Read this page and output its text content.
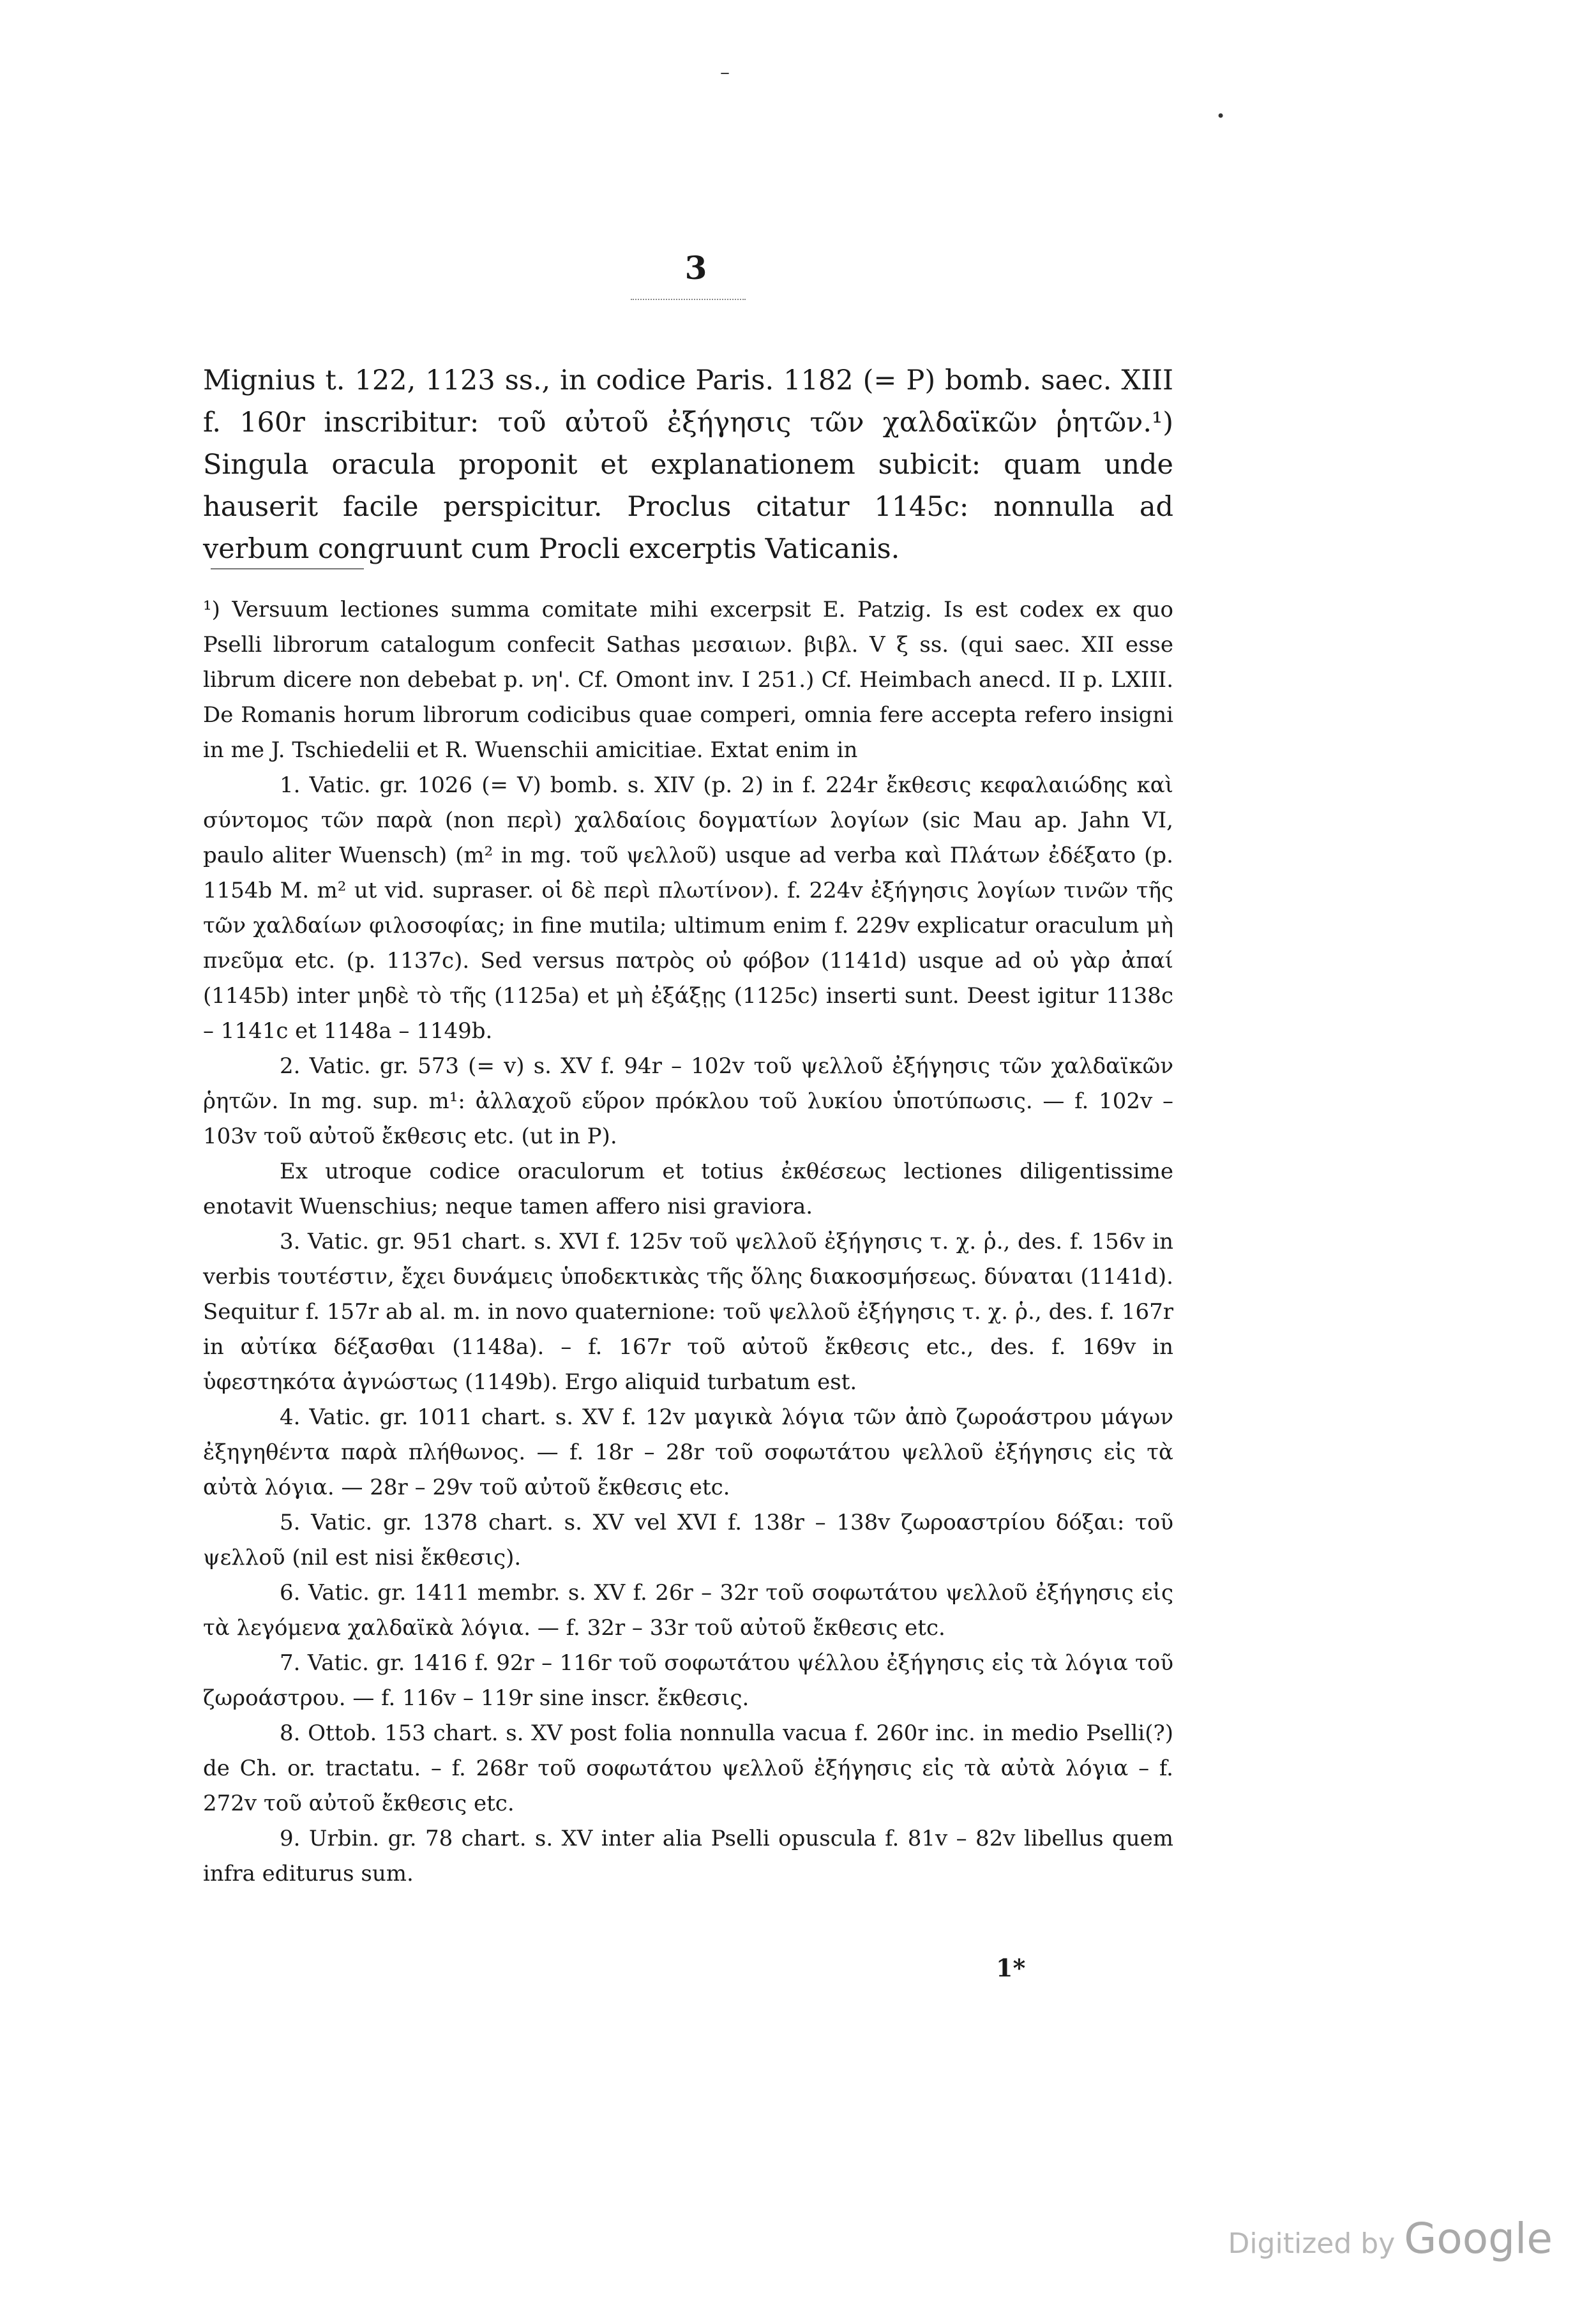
–
•
3

Mignius t. 122, 1123 ss., in codice Paris. 1182 (= P) bomb. saec. XIII f. 160r inscribitur: τοῦ αὐτοῦ ἐξήγησις τῶν χαλδαϊκῶν ῥητῶν.¹) Singula oracula proponit et explanationem subicit: quam unde hauserit facile perspicitur. Proclus citatur 1145c: nonnulla ad verbum congruunt cum Procli excerptis Vaticanis.

¹) Versuum lectiones summa comitate mihi excerpsit E. Patzig. Is est codex ex quo Pselli librorum catalogum confecit Sathas μεσαιων. βιβλ. V ξ ss. (qui saec. XII esse librum dicere non debebat p. νη'. Cf. Omont inv. I 251.) Cf. Heimbach anecd. II p. LXIII. De Romanis horum librorum codicibus quae comperi, omnia fere accepta refero insigni in me J. Tschiedelii et R. Wuenschii amicitiae. Extat enim in

1. Vatic. gr. 1026 (= V) bomb. s. XIV (p. 2) in f. 224r ἔκθεσις κεφαλαιώδης καὶ σύντομος τῶν παρὰ (non περὶ) χαλδαίοις δογματίων λογίων (sic Mau ap. Jahn VI, paulo aliter Wuensch) (m² in mg. τοῦ ψελλοῦ) usque ad verba καὶ Πλάτων ἐδέξατο (p. 1154b M. m² ut vid. supraser. οἱ δὲ περὶ πλωτίνον). f. 224v ἐξήγησις λογίων τινῶν τῆς τῶν χαλδαίων φιλοσοφίας; in fine mutila; ultimum enim f. 229v explicatur oraculum μὴ πνεῦμα etc. (p. 1137c). Sed versus πατρὸς οὐ φόβον (1141d) usque ad οὐ γὰρ ἀπαί (1145b) inter μηδὲ τὸ τῆς (1125a) et μὴ ἐξάξῃς (1125c) inserti sunt. Deest igitur 1138c – 1141c et 1148a – 1149b.

2. Vatic. gr. 573 (= v) s. XV f. 94r – 102v τοῦ ψελλοῦ ἐξήγησις τῶν χαλδαϊκῶν ῥητῶν. In mg. sup. m¹: ἀλλαχοῦ εὕρον πρόκλου τοῦ λυκίου ὑποτύπωσις. — f. 102v – 103v τοῦ αὐτοῦ ἔκθεσις etc. (ut in P).

Ex utroque codice oraculorum et totius ἐκθέσεως lectiones diligentissime enotavit Wuenschius; neque tamen affero nisi graviora.

3. Vatic. gr. 951 chart. s. XVI f. 125v τοῦ ψελλοῦ ἐξήγησις τ. χ. ῥ., des. f. 156v in verbis τουτέστιν, ἔχει δυνάμεις ὑποδεκτικὰς τῆς ὅλης διακοσμήσεως. δύναται (1141d). Sequitur f. 157r ab al. m. in novo quaternione: τοῦ ψελλοῦ ἐξήγησις τ. χ. ῥ., des. f. 167r in αὐτίκα δέξασθαι (1148a). – f. 167r τοῦ αὐτοῦ ἔκθεσις etc., des. f. 169v in ὑφεστηκότα ἀγνώστως (1149b). Ergo aliquid turbatum est.

4. Vatic. gr. 1011 chart. s. XV f. 12v μαγικὰ λόγια τῶν ἀπὸ ζωροάστρου μάγων ἐξηγηθέντα παρὰ πλήθωνος. — f. 18r – 28r τοῦ σοφωτάτου ψελλοῦ ἐξήγησις εἰς τὰ αὐτὰ λόγια. — 28r – 29v τοῦ αὐτοῦ ἔκθεσις etc.

5. Vatic. gr. 1378 chart. s. XV vel XVI f. 138r – 138v ζωροαστρίου δόξαι: τοῦ ψελλοῦ (nil est nisi ἔκθεσις).

6. Vatic. gr. 1411 membr. s. XV f. 26r – 32r τοῦ σοφωτάτου ψελλοῦ ἐξήγησις εἰς τὰ λεγόμενα χαλδαϊκὰ λόγια. — f. 32r – 33r τοῦ αὐτοῦ ἔκθεσις etc.

7. Vatic. gr. 1416 f. 92r – 116r τοῦ σοφωτάτου ψέλλου ἐξήγησις εἰς τὰ λόγια τοῦ ζωροάστρου. — f. 116v – 119r sine inscr. ἔκθεσις.

8. Ottob. 153 chart. s. XV post folia nonnulla vacua f. 260r inc. in medio Pselli(?) de Ch. or. tractatu. – f. 268r τοῦ σοφωτάτου ψελλοῦ ἐξήγησις εἰς τὰ αὐτὰ λόγια – f. 272v τοῦ αὐτοῦ ἔκθεσις etc.

9. Urbin. gr. 78 chart. s. XV inter alia Pselli opuscula f. 81v – 82v libellus quem infra editurus sum.

1*
Digitized by Google
